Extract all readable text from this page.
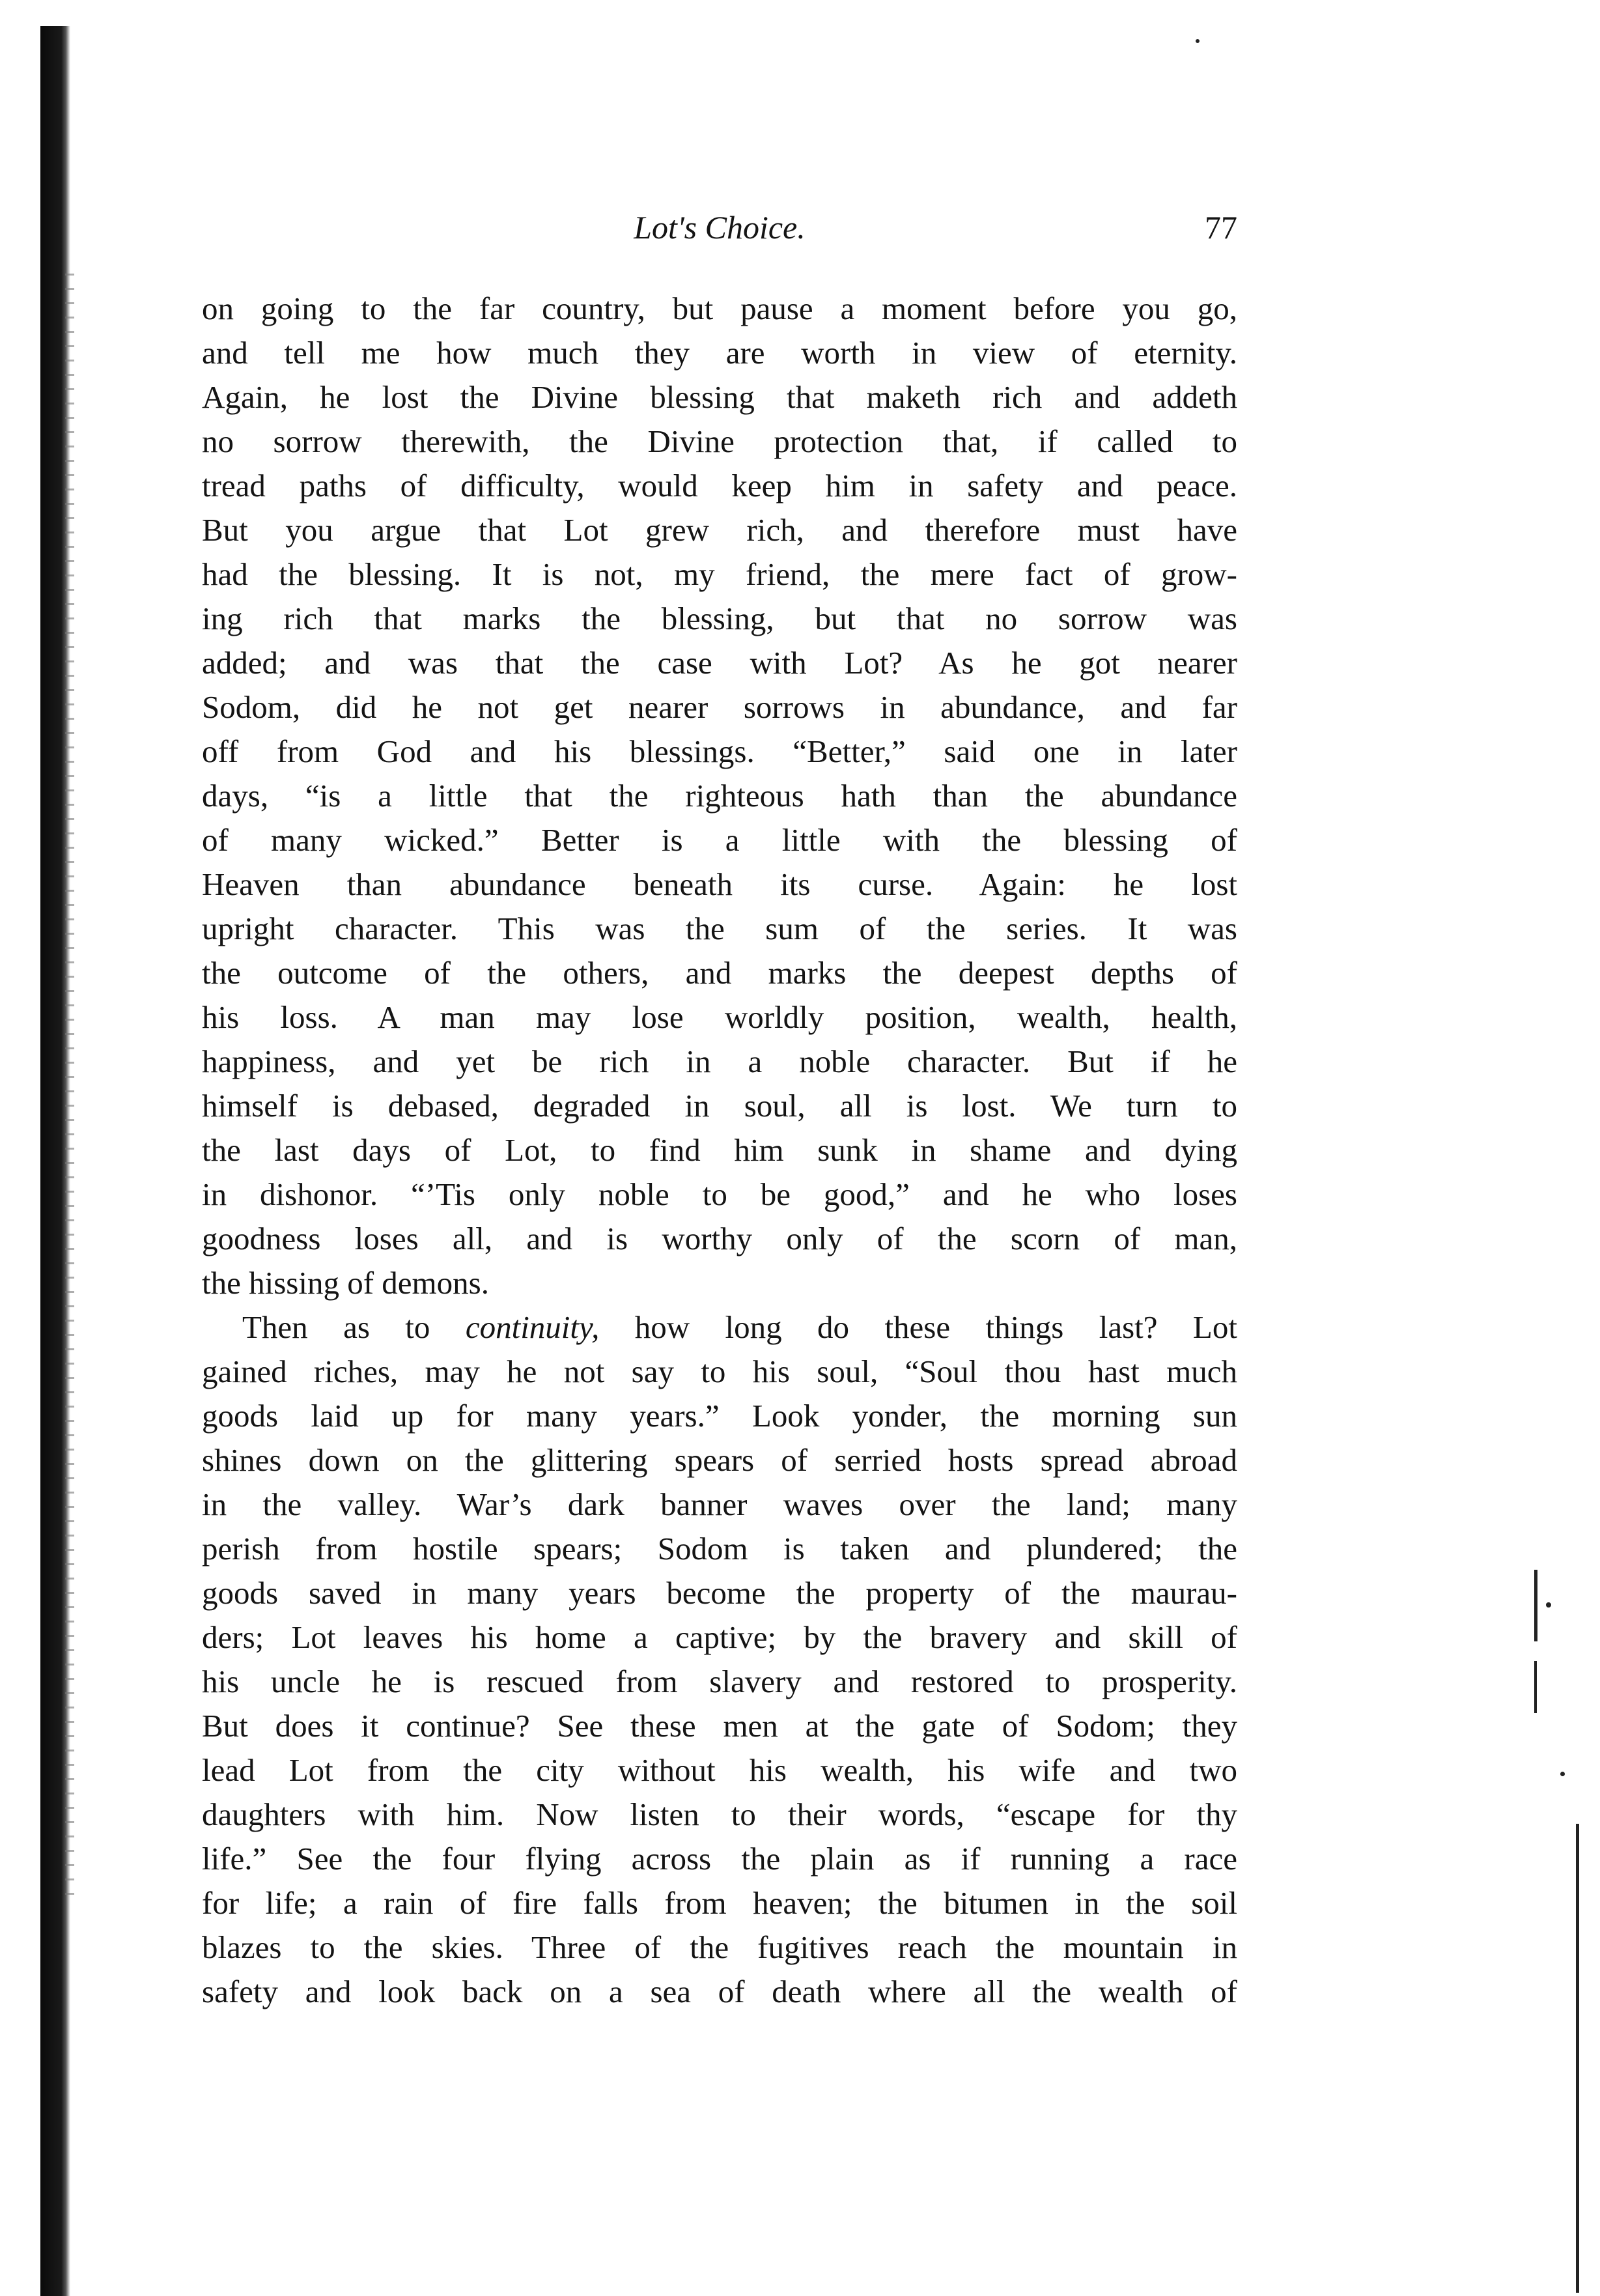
Lot's Choice.	77
on going to the far country, but pause a moment before you go,
and tell me how much they are worth in view of eternity.
Again, he lost the Divine blessing that maketh rich and addeth
no sorrow therewith, the Divine protection that, if called to
tread paths of difficulty, would keep him in safety and peace.
But you argue that Lot grew rich, and therefore must have
had the blessing. It is not, my friend, the mere fact of grow-
ing rich that marks the blessing, but that no sorrow was
added; and was that the case with Lot? As he got nearer
Sodom, did he not get nearer sorrows in abundance, and far
off from God and his blessings. “Better,” said one in later
days, “is a little that the righteous hath than the abundance
of many wicked.” Better is a little with the blessing of
Heaven than abundance beneath its curse. Again: he lost
upright character. This was the sum of the series. It was
the outcome of the others, and marks the deepest depths of
his loss. A man may lose worldly position, wealth, health,
happiness, and yet be rich in a noble character. But if he
himself is debased, degraded in soul, all is lost. We turn to
the last days of Lot, to find him sunk in shame and dying
in dishonor. “’Tis only noble to be good,” and he who loses
goodness loses all, and is worthy only of the scorn of man,
the hissing of demons.
Then as to continuity, how long do these things last? Lot
gained riches, may he not say to his soul, “Soul thou hast much
goods laid up for many years.” Look yonder, the morning sun
shines down on the glittering spears of serried hosts spread abroad
in the valley. War’s dark banner waves over the land; many
perish from hostile spears; Sodom is taken and plundered; the
goods saved in many years become the property of the maurau-
ders; Lot leaves his home a captive; by the bravery and skill of
his uncle he is rescued from slavery and restored to prosperity.
But does it continue? See these men at the gate of Sodom; they
lead Lot from the city without his wealth, his wife and two
daughters with him. Now listen to their words, “escape for thy
life.” See the four flying across the plain as if running a race
for life; a rain of fire falls from heaven; the bitumen in the soil
blazes to the skies. Three of the fugitives reach the mountain in
safety and look back on a sea of death where all the wealth of
